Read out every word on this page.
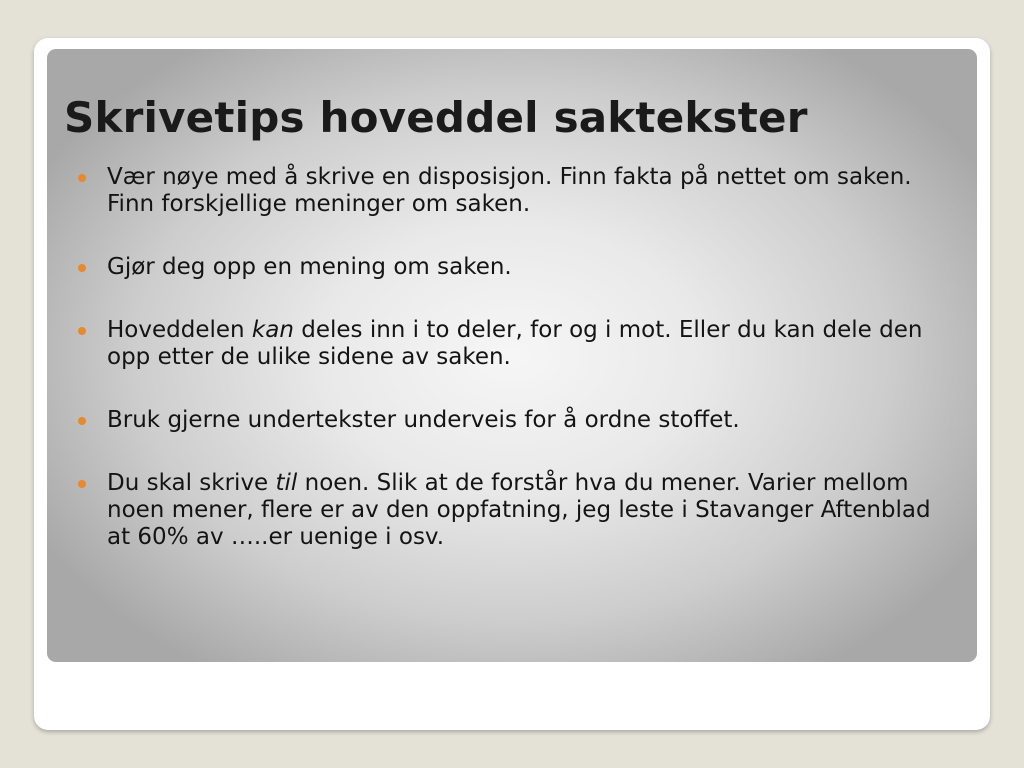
Skrivetips hoveddel saktekster
Vær nøye med å skrive en disposisjon. Finn fakta på nettet om saken. Finn forskjellige meninger om saken.
Gjør deg opp en mening om saken.
Hoveddelen kan deles inn i to deler, for og i mot. Eller du kan dele den opp etter de ulike sidene av saken.
Bruk gjerne undertekster underveis for å ordne stoffet.
Du skal skrive til noen. Slik at de forstår hva du mener. Varier mellom noen mener, flere er av den oppfatning, jeg leste i Stavanger Aftenblad at 60% av …..er uenige i osv.
